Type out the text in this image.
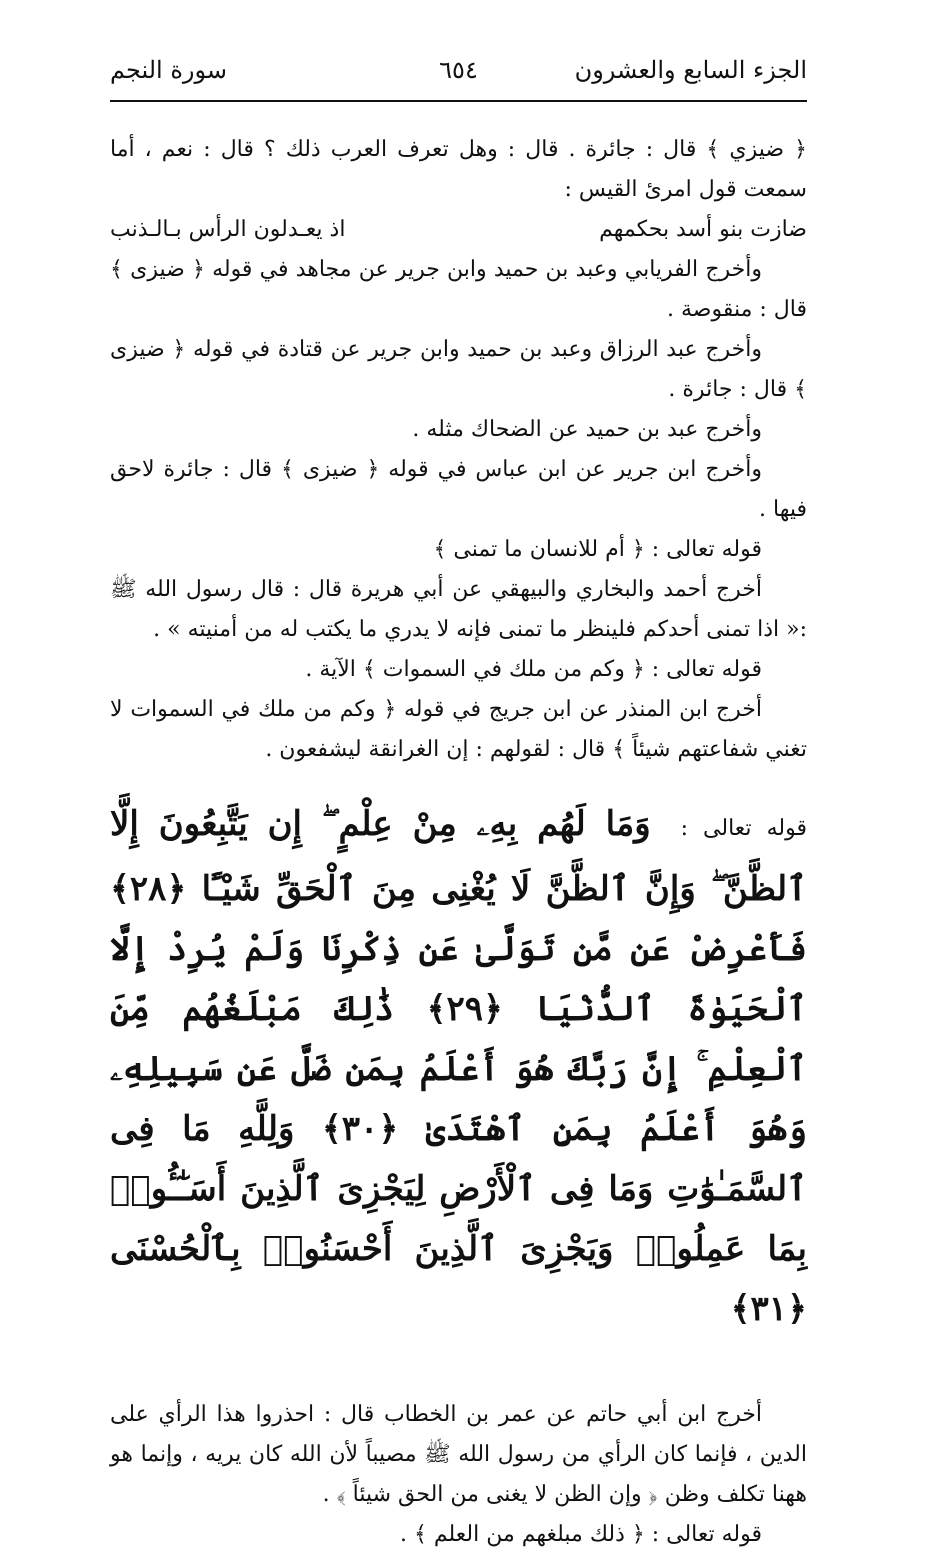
الجزء السابع والعشرون
٦٥٤
سورة النجم

﴿ ضيزي ﴾ قال : جائرة . قال : وهل تعرف العرب ذلك ؟ قال : نعم ، أما سمعت قول امرئ القيس :

ضازت بنو أسد بحكمهم
اذ يعـدلون الرأس بـالـذنب

وأخرج الفريابي وعبد بن حميد وابن جرير عن مجاهد في قوله ﴿ ضيزى ﴾ قال : منقوصة .

وأخرج عبد الرزاق وعبد بن حميد وابن جرير عن قتادة في قوله ﴿ ضيزى ﴾ قال : جائرة .

وأخرج عبد بن حميد عن الضحاك مثله .

وأخرج ابن جرير عن ابن عباس في قوله ﴿ ضيزى ﴾ قال : جائرة لاحق فيها .

قوله تعالى : ﴿ أم للانسان ما تمنى ﴾

أخرج أحمد والبخاري والبيهقي عن أبي هريرة قال : قال رسول الله ﷺ :« اذا تمنى أحدكم فلينظر ما تمنى فإنه لا يدري ما يكتب له من أمنيته » .

قوله تعالى : ﴿ وكم من ملك في السموات ﴾ الآية .

أخرج ابن المنذر عن ابن جريج في قوله ﴿ وكم من ملك في السموات لا تغني شفاعتهم شيئاً ﴾ قال : لقولهم : إن الغرانقة ليشفعون .

قوله تعالى : وَمَا لَهُم بِهِۦ مِنْ عِلْمٍ ۖ إِن يَتَّبِعُونَ إِلَّا ٱلظَّنَّ ۖ وَإِنَّ ٱلظَّنَّ لَا يُغْنِى مِنَ ٱلْحَقِّ شَيْـًٔا ﴿٢٨﴾ فَأَعْرِضْ عَن مَّن تَوَلَّىٰ عَن ذِكْرِنَا وَلَمْ يُرِدْ إِلَّا ٱلْحَيَوٰةَ ٱلدُّنْيَا ﴿٢٩﴾ ذَٰلِكَ مَبْلَغُهُم مِّنَ ٱلْعِلْمِ ۚ إِنَّ رَبَّكَ هُوَ أَعْلَمُ بِمَن ضَلَّ عَن سَبِيلِهِۦ وَهُوَ أَعْلَمُ بِمَنِ ٱهْتَدَىٰ ﴿٣٠﴾ وَلِلَّهِ مَا فِى ٱلسَّمَـٰوَٰتِ وَمَا فِى ٱلْأَرْضِ لِيَجْزِىَ ٱلَّذِينَ أَسَـٰٓـُٔوا۟ بِمَا عَمِلُوا۟ وَيَجْزِىَ ٱلَّذِينَ أَحْسَنُوا۟ بِٱلْحُسْنَى ﴿٣١﴾

أخرج ابن أبي حاتم عن عمر بن الخطاب قال : احذروا هذا الرأي على الدين ، فإنما كان الرأي من رسول الله ﷺ مصيباً لأن الله كان يريه ، وإنما هو ههنا تكلف وظن ﴿ وإن الظن لا يغنى من الحق شيئاً ﴾ .

قوله تعالى : ﴿ ذلك مبلغهم من العلم ﴾ .
